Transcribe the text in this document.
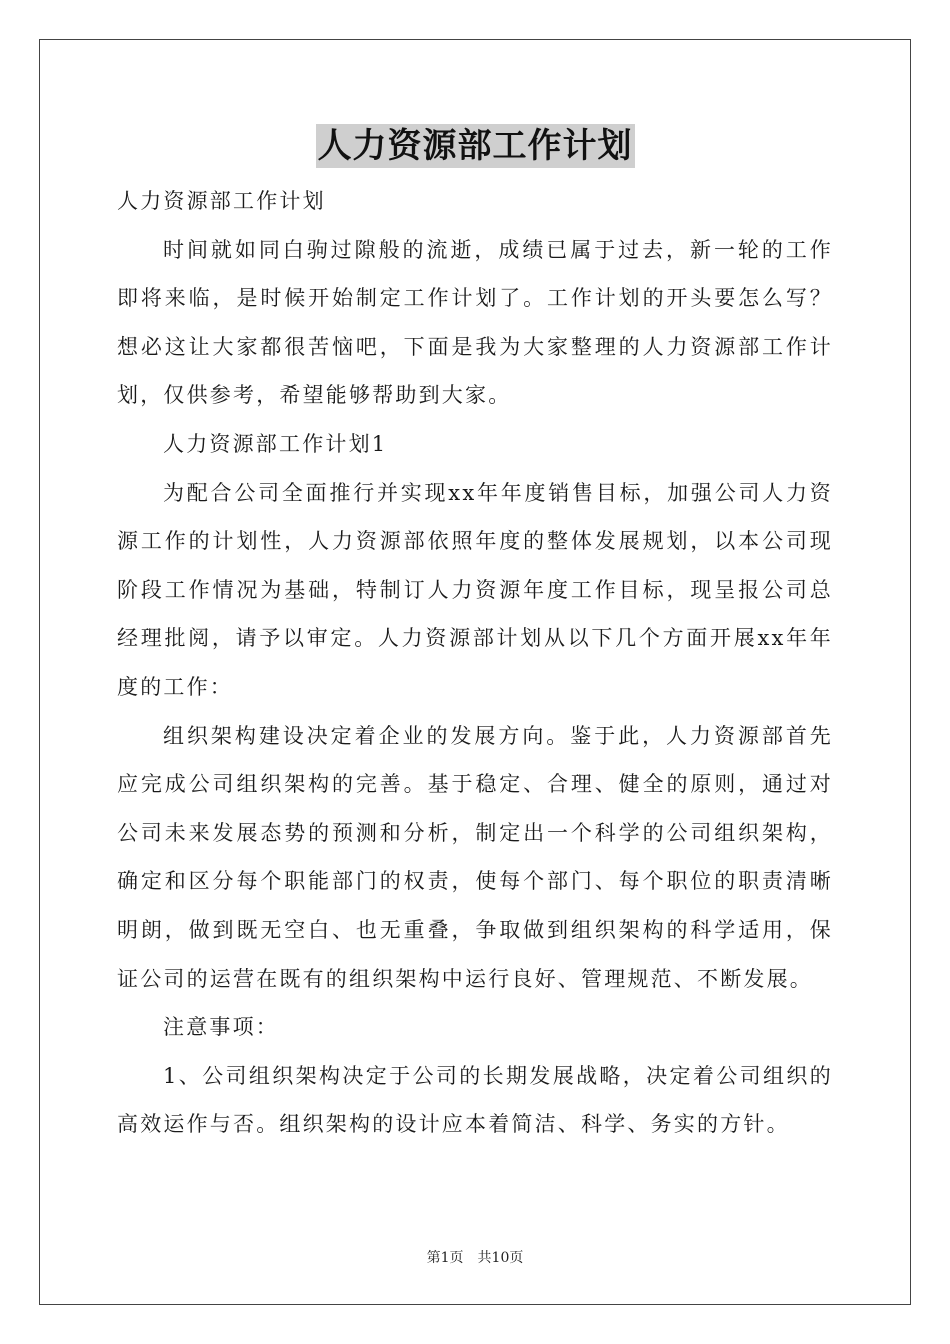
人力资源部工作计划

人力资源部工作计划

时间就如同白驹过隙般的流逝，成绩已属于过去，新一轮的工作即将来临，是时候开始制定工作计划了。工作计划的开头要怎么写？想必这让大家都很苦恼吧，下面是我为大家整理的人力资源部工作计划，仅供参考，希望能够帮助到大家。

人力资源部工作计划1

为配合公司全面推行并实现xx年年度销售目标，加强公司人力资源工作的计划性，人力资源部依照年度的整体发展规划，以本公司现阶段工作情况为基础，特制订人力资源年度工作目标，现呈报公司总经理批阅，请予以审定。人力资源部计划从以下几个方面开展xx年年度的工作：

组织架构建设决定着企业的发展方向。鉴于此，人力资源部首先应完成公司组织架构的完善。基于稳定、合理、健全的原则，通过对公司未来发展态势的预测和分析，制定出一个科学的公司组织架构，确定和区分每个职能部门的权责，使每个部门、每个职位的职责清晰明朗，做到既无空白、也无重叠，争取做到组织架构的科学适用，保证公司的运营在既有的组织架构中运行良好、管理规范、不断发展。

注意事项：

1、公司组织架构决定于公司的长期发展战略，决定着公司组织的高效运作与否。组织架构的设计应本着简洁、科学、务实的方针。

第1页 共10页
